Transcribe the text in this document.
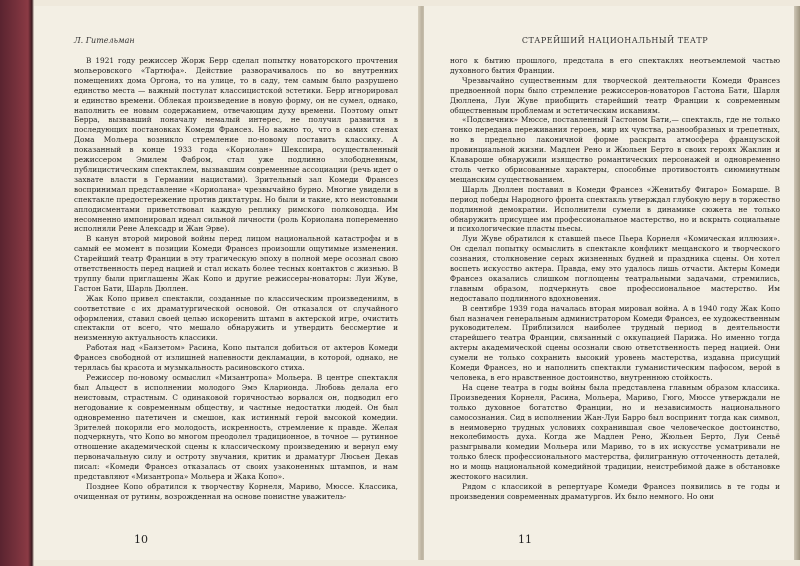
Л. Гительман

В 1921 году режиссер Жорж Берр сделал попытку новаторского прочтения мольеровского «Тартюфа». Действие разворачивалось по во внутренних помещениях дома Оргона, то на улице, то в саду, тем самым было разрушено единство места — важный постулат классицистской эстетики. Берр игнорировал и единство времени. Облекая произведение в новую форму, он не сумел, однако, наполнить ее новым содержанием, отвечающим духу времени. Поэтому опыт Берра, вызвавший поначалу немалый интерес, не получил развития в последующих постановках Комеди Франсез. Но важно то, что в самих стенах Дома Мольера возникло стремление по-новому поставить классику. А показанный в конце 1933 года «Кориолан» Шекспира, осуществленный режиссером Эмилем Фабром, стал уже подлинно злободневным, публицистическим спектаклем, вызвавшим современные ассоциации (речь идет о захвате власти в Германии нацистами). Зрительный зал Комеди Франсез воспринимал представление «Кориолана» чрезвычайно бурно. Многие увидели в спектакле предостережение против диктатуры. Но были и такие, кто неистовыми аплодисментами приветствовал каждую реплику римского полководца. Им несомненно импонировал идеал сильной личности (роль Кориолана попеременно исполняли Рене Алексадр и Жан Эрве).

В канун второй мировой войны перед лицом национальной катастрофы и в самый ее момент в позиции Комеди Франсез произошли ощутимые изменения. Старейший театр Франции в эту трагическую эпоху в полной мере осознал свою ответственность перед нацией и стал искать более тесных контактов с жизнью. В труппу были приглашены Жак Копо и другие режиссеры-новаторы: Луи Жуве, Гастон Бати, Шарль Дюллен.

Жак Копо привел спектакли, созданные по классическим произведениям, в соответствие с их драматургической основой. Он отказался от случайного оформления, ставил своей целью искоренить штамп в актерской игре, очистить спектакли от всего, что мешало обнаружить и утвердить бессмертие и неизменную актуальность классики.

Работая над «Баязетом» Расина, Копо пытался добиться от актеров Комеди Франсез свободной от излишней напевности декламации, в которой, однако, не терялась бы красота и музыкальность расиновского стиха.

Режиссер по-новому осмыслил «Мизантропа» Мольера. В центре спектакля был Альцест в исполнении молодого Эмэ Кларионда. Любовь делала его неистовым, страстным. С одинаковой горячностью ворвался он, подводил его негодование к современным обществу, и частные недостатки людей. Он был одновременно патетичен и смешон, как истинный герой высокой комедии. Зрителей покоряли его молодость, искренность, стремление к правде. Желая подчеркнуть, что Копо во многом преодолел традиционное, в точное — рутинное отношение академической сцены к классическому произведению и вернул ему первоначальную силу и остроту звучания, критик и драматург Люсьен Декав писал: «Комеди Франсез отказалась от своих узаконенных штампов, и нам представляют «Мизантропа» Мольера и Жака Копо».

Позднее Копо обратился к творчеству Корнеля, Мариво, Мюссе. Классика, очищенная от рутины, возрожденная на основе понистне уважитель-

10
СТАРЕЙШИЙ НАЦИОНАЛЬНЫЙ ТЕАТР

ного к бытию прошлого, предстала в его спектаклях неотъемлемой частью духовного бытия Франции.

Чрезвычайно существенным для творческой деятельности Комеди Франсез предвоенной поры было стремление режиссеров-новаторов Гастона Бати, Шарля Дюллена, Луи Жуве приобщить старейший театр Франции к современным общественным проблемам и эстетическим исканиям.

«Подсвечник» Мюссе, поставленный Гастоном Бати,— спектакль, где не только тонко передана переживания героев, мир их чувства, разнообразных и трепетных, но в предельно лаконичной форме раскрыта атмосфера французской провинциальной жизни. Мадлен Рено и Жюльен Берто в своих героях Жаклин и Клавароше обнаружили изящество романтических персонажей и одновременно столь четко обрисованные характеры, способные противостоять сиюминутным мещанским существованием.

Шарль Дюллен поставил в Комеди Франсез «Женитьбу Фигаро» Бомарше. В период победы Народного фронта спектакль утверждал глубокую веру в торжество подлинной демократии. Исполнители сумели в динамике сюжета не только обнаружить присущее им профессиональное мастерство, но и вскрыть социальные и психологические пласты пьесы.

Луи Жуве обратился к ставшей пьесе Пьера Корнеля «Комическая иллюзия». Он сделал попытку осмыслить в спектакле конфликт мещанского и творческого сознания, столкновение серых жизненных будней и праздника сцены. Он хотел воспеть искусство актера. Правда, ему это удалось лишь отчасти. Актеры Комеди Франсез оказались слишком поглощены театральными задачами, стремились, главным образом, подчеркнуть свое профессиональное мастерство. Им недоставало подлинного вдохновения.

В сентябре 1939 года началась вторая мировая война. А в 1940 году Жак Копо был назначен генеральным администратором Комеди Франсез, ее художественным руководителем. Приблизился наиболее трудный период в деятельности старейшего театра Франции, связанный с оккупацией Парижа. Но именно тогда актеры академической сцены осознали свою ответственность перед нацией. Они сумели не только сохранить высокий уровень мастерства, издавна присущий Комеди Франсез, но и наполнить спектакли гуманистическим пафосом, верой в человека, в его нравственное достоинство, внутреннюю стойкость.

На сцене театра в годы войны была представлена главным образом классика. Произведения Корнеля, Расина, Мольера, Мариво, Гюго, Мюссе утверждали не только духовное богатство Франции, но и независимость национального самосознания. Сид в исполнении Жан-Луи Барро был воспринят тогда как символ, в неимоверно трудных условиях сохранившая свое человеческое достоинство, неколебимость духа. Когда же Мадлен Рено, Жюльен Берто, Луи Сеньё разыгрывали комедии Мольера или Мариво, то в их искусстве усматривали не только блеск профессионального мастерства, филигранную отточенность деталей, но и мощь национальной комедийной традиции, неистребимой даже в обстановке жестокого насилия.

Рядом с классикой в репертуаре Комеди Франсез появились в те годы и произведения современных драматургов. Их было немного. Но они

11
